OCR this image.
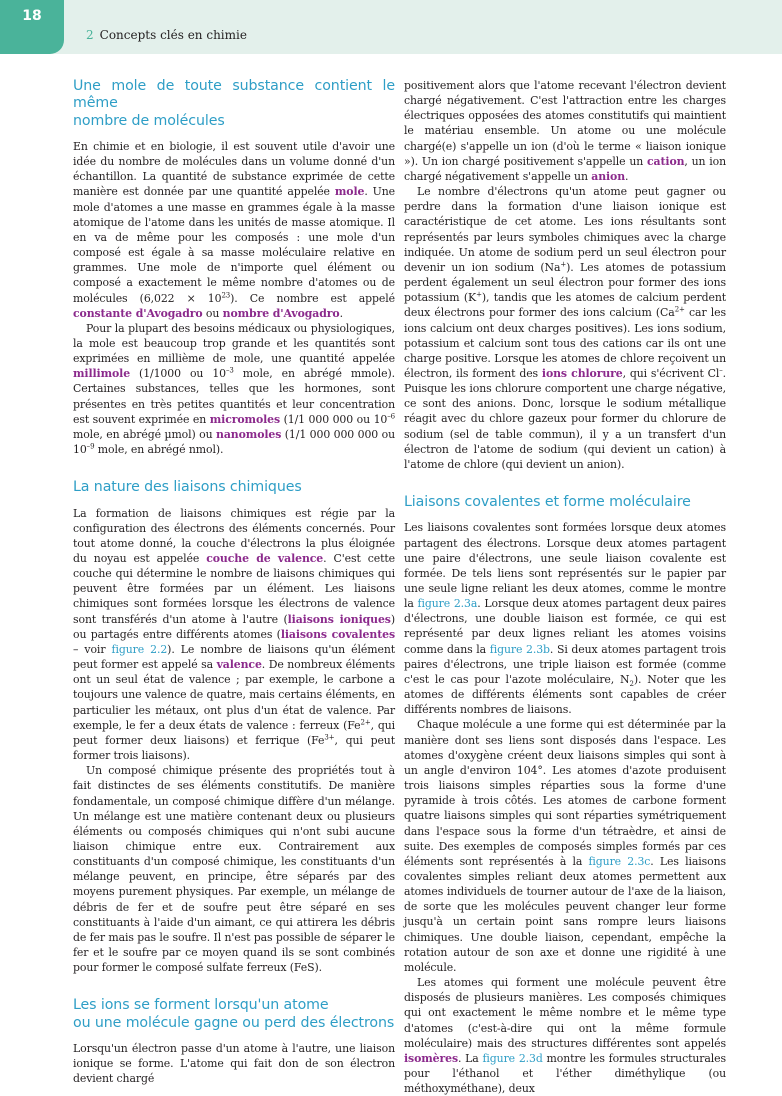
18
2 Concepts clés en chimie
Une mole de toute substance contient le même
nombre de molécules

En chimie et en biologie, il est souvent utile d'avoir une idée du nombre de molécules dans un volume donné d'un échantillon. La quantité de substance exprimée de cette manière est donnée par une quantité appelée mole. Une mole d'atomes a une masse en grammes égale à la masse atomique de l'atome dans les unités de masse atomique. Il en va de même pour les composés : une mole d'un composé est égale à sa masse moléculaire relative en grammes. Une mole de n'importe quel élément ou composé a exactement le même nombre d'atomes ou de molécules $(6,022 \times 10^{23})$. Ce nombre est appelé constante d'Avogadro ou nombre d'Avogadro.

Pour la plupart des besoins médicaux ou physiologiques, la mole est beaucoup trop grande et les quantités sont exprimées en millième de mole, une quantité appelée millimole (1/1000 ou $10^{-3}$ mole, en abrégé mmole). Certaines substances, telles que les hormones, sont présentes en très petites quantités et leur concentration est souvent exprimée en micromoles (1/1 000 000 ou $10^{-6}$ mole, en abrégé µmol) ou nanomoles (1/1 000 000 000 ou $10^{-9}$ mole, en abrégé nmol).

La nature des liaisons chimiques

La formation de liaisons chimiques est régie par la configuration des électrons des éléments concernés. Pour tout atome donné, la couche d'électrons la plus éloignée du noyau est appelée couche de valence. C'est cette couche qui détermine le nombre de liaisons chimiques qui peuvent être formées par un élément. Les liaisons chimiques sont formées lorsque les électrons de valence sont transférés d'un atome à l'autre (liaisons ioniques) ou partagés entre différents atomes (liaisons covalentes – voir figure 2.2). Le nombre de liaisons qu'un élément peut former est appelé sa valence. De nombreux éléments ont un seul état de valence ; par exemple, le carbone a toujours une valence de quatre, mais certains éléments, en particulier les métaux, ont plus d'un état de valence. Par exemple, le fer a deux états de valence : ferreux ($Fe^{2+}$, qui peut former deux liaisons) et ferrique ($Fe^{3+}$, qui peut former trois liaisons).

Un composé chimique présente des propriétés tout à fait distinctes de ses éléments constitutifs. De manière fondamentale, un composé chimique diffère d'un mélange. Un mélange est une matière contenant deux ou plusieurs éléments ou composés chimiques qui n'ont subi aucune liaison chimique entre eux. Contrairement aux constituants d'un composé chimique, les constituants d'un mélange peuvent, en principe, être séparés par des moyens purement physiques. Par exemple, un mélange de débris de fer et de soufre peut être séparé en ses constituants à l'aide d'un aimant, ce qui attirera les débris de fer mais pas le soufre. Il n'est pas possible de séparer le fer et le soufre par ce moyen quand ils se sont combinés pour former le composé sulfate ferreux (FeS).

Les ions se forment lorsqu'un atome
ou une molécule gagne ou perd des électrons

Lorsqu'un électron passe d'un atome à l'autre, une liaison ionique se forme. L'atome qui fait don de son électron devient chargé

positivement alors que l'atome recevant l'électron devient chargé négativement. C'est l'attraction entre les charges électriques opposées des atomes constitutifs qui maintient le matériau ensemble. Un atome ou une molécule chargé(e) s'appelle un ion (d'où le terme « liaison ionique »). Un ion chargé positivement s'appelle un cation, un ion chargé négativement s'appelle un anion.

Le nombre d'électrons qu'un atome peut gagner ou perdre dans la formation d'une liaison ionique est caractéristique de cet atome. Les ions résultants sont représentés par leurs symboles chimiques avec la charge indiquée. Un atome de sodium perd un seul électron pour devenir un ion sodium (Na+). Les atomes de potassium perdent également un seul électron pour former des ions potassium (K+), tandis que les atomes de calcium perdent deux électrons pour former des ions calcium ($Ca^{2+}$ car les ions calcium ont deux charges positives). Les ions sodium, potassium et calcium sont tous des cations car ils ont une charge positive. Lorsque les atomes de chlore reçoivent un électron, ils forment des ions chlorure, qui s'écrivent Cl–. Puisque les ions chlorure comportent une charge négative, ce sont des anions. Donc, lorsque le sodium métallique réagit avec du chlore gazeux pour former du chlorure de sodium (sel de table commun), il y a un transfert d'un électron de l'atome de sodium (qui devient un cation) à l'atome de chlore (qui devient un anion).

Liaisons covalentes et forme moléculaire

Les liaisons covalentes sont formées lorsque deux atomes partagent des électrons. Lorsque deux atomes partagent une paire d'électrons, une seule liaison covalente est formée. De tels liens sont représentés sur le papier par une seule ligne reliant les deux atomes, comme le montre la figure 2.3a. Lorsque deux atomes partagent deux paires d'électrons, une double liaison est formée, ce qui est représenté par deux lignes reliant les atomes voisins comme dans la figure 2.3b. Si deux atomes partagent trois paires d'électrons, une triple liaison est formée (comme c'est le cas pour l'azote moléculaire, $N_2$). Noter que les atomes de différents éléments sont capables de créer différents nombres de liaisons.

Chaque molécule a une forme qui est déterminée par la manière dont ses liens sont disposés dans l'espace. Les atomes d'oxygène créent deux liaisons simples qui sont à un angle d'environ 104°. Les atomes d'azote produisent trois liaisons simples réparties sous la forme d'une pyramide à trois côtés. Les atomes de carbone forment quatre liaisons simples qui sont réparties symétriquement dans l'espace sous la forme d'un tétraèdre, et ainsi de suite. Des exemples de composés simples formés par ces éléments sont représentés à la figure 2.3c. Les liaisons covalentes simples reliant deux atomes permettent aux atomes individuels de tourner autour de l'axe de la liaison, de sorte que les molécules peuvent changer leur forme jusqu'à un certain point sans rompre leurs liaisons chimiques. Une double liaison, cependant, empêche la rotation autour de son axe et donne une rigidité à une molécule.

Les atomes qui forment une molécule peuvent être disposés de plusieurs manières. Les composés chimiques qui ont exactement le même nombre et le même type d'atomes (c'est-à-dire qui ont la même formule moléculaire) mais des structures différentes sont appelés isomères. La figure 2.3d montre les formules structurales pour l'éthanol et l'éther diméthylique (ou méthoxyméthane), deux
